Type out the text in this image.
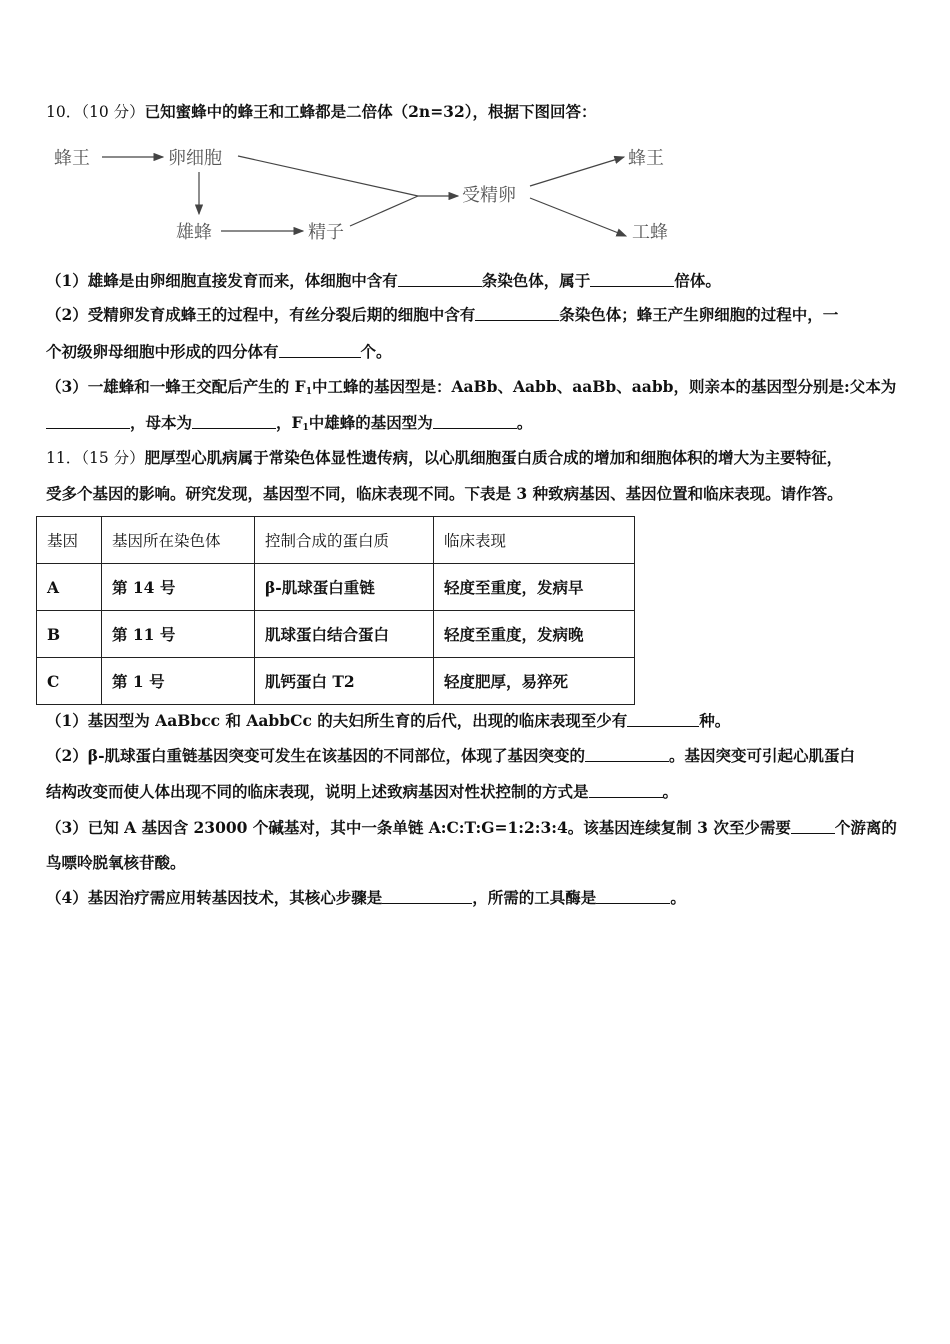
10．（10 分）已知蜜蜂中的蜂王和工蜂都是二倍体（2n=32），根据下图回答：
蜂王	卵细胞
雄蜂	精子
受精卵
蜂王
工蜂
（1）雄蜂是由卵细胞直接发育而来，体细胞中含有	条染色体，属于	倍体。
（2）受精卵发育成蜂王的过程中，有丝分裂后期的细胞中含有	条染色体；蜂王产生卵细胞的过程中，一
个初级卵母细胞中形成的四分体有	个。
（3）一雄蜂和一蜂王交配后产生的 $F_1$中工蜂的基因型是：AaBb、Aabb、aaBb、aabb，则亲本的基因型分别是:父本为
，母本为	，$F_1$中雄蜂的基因型为	。
11．（15 分）肥厚型心肌病属于常染色体显性遗传病，以心肌细胞蛋白质合成的增加和细胞体积的增大为主要特征，
受多个基因的影响。研究发现，基因型不同，临床表现不同。下表是 3 种致病基因、基因位置和临床表现。请作答。
基因	基因所在染色体	控制合成的蛋白质	临床表现
A	第 14 号	β-肌球蛋白重链	轻度至重度，发病早
B	第 11 号	肌球蛋白结合蛋白	轻度至重度，发病晚
C	第 1 号	肌钙蛋白 T2	轻度肥厚，易猝死
（1）基因型为 AaBbcc 和 AabbCc 的夫妇所生育的后代，出现的临床表现至少有	种。
（2）β-肌球蛋白重链基因突变可发生在该基因的不同部位，体现了基因突变的	。基因突变可引起心肌蛋白
结构改变而使人体出现不同的临床表现，说明上述致病基因对性状控制的方式是	。
（3）已知 A 基因含 23000 个碱基对，其中一条单链 A:C:T:G=1:2:3:4。该基因连续复制 3 次至少需要	个游离的
鸟嘌呤脱氧核苷酸。
（4）基因治疗需应用转基因技术，其核心步骤是	，所需的工具酶是	。
